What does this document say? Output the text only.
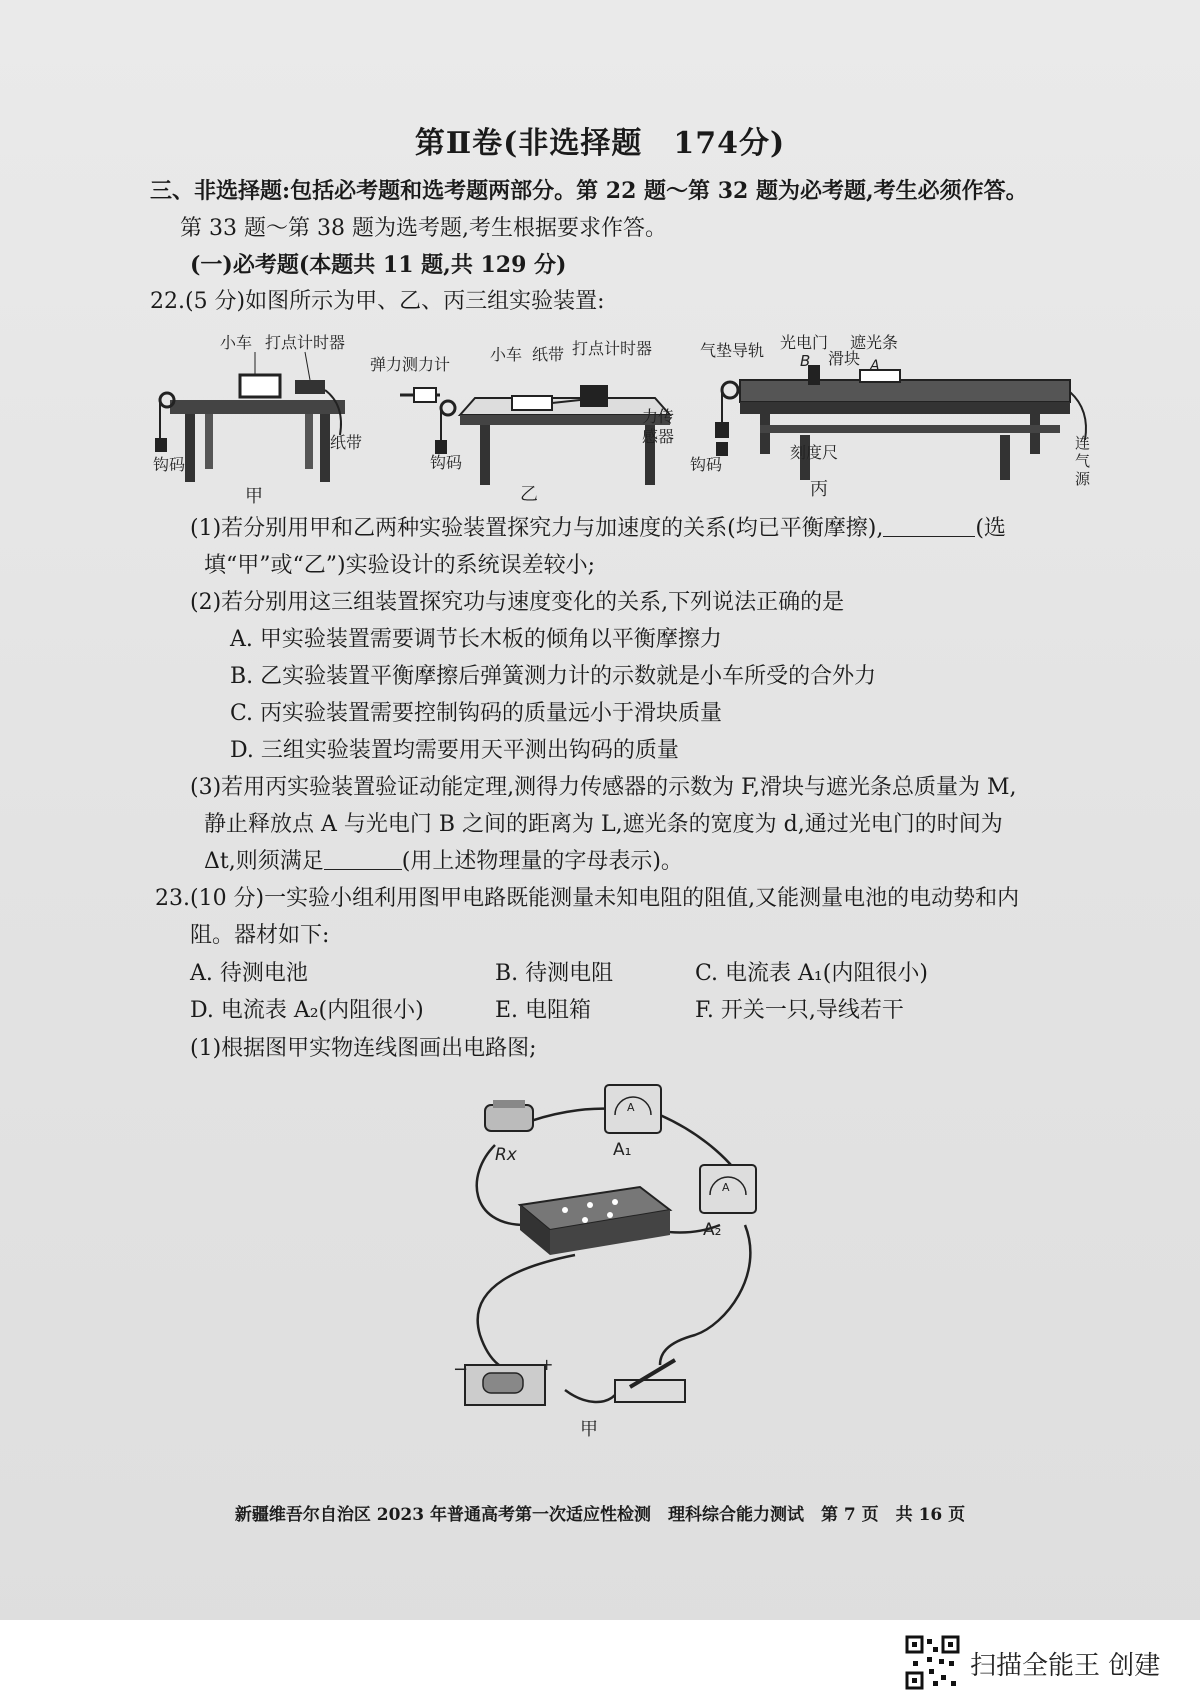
第Ⅱ卷(非选择题　174分)
三、非选择题:包括必考题和选考题两部分。第 22 题～第 32 题为必考题,考生必须作答。
第 33 题～第 38 题为选考题,考生根据要求作答。
(一)必考题(本题共 11 题,共 129 分)
22.(5 分)如图所示为甲、乙、丙三组实验装置:
小车 打点计时器
纸带
钩码
甲
弹力测力计
小车 纸带 打点计时器
钩码
乙
气垫导轨 光电门
B 滑块
遮光条
A
力传
感器
钩码
刻度尺	连
气
源
丙
(1)若分别用甲和乙两种实验装置探究力与加速度的关系(均已平衡摩擦),	(选
填“甲”或“乙”)实验设计的系统误差较小;
(2)若分别用这三组装置探究功与速度变化的关系,下列说法正确的是
A. 甲实验装置需要调节长木板的倾角以平衡摩擦力
B. 乙实验装置平衡摩擦后弹簧测力计的示数就是小车所受的合外力
C. 丙实验装置需要控制钩码的质量远小于滑块质量
D. 三组实验装置均需要用天平测出钩码的质量
(3)若用丙实验装置验证动能定理,测得力传感器的示数为 F,滑块与遮光条总质量为 M,
静止释放点 A 与光电门 B 之间的距离为 L,遮光条的宽度为 d,通过光电门的时间为
Δt,则须满足	(用上述物理量的字母表示)。
23.(10 分)一实验小组利用图甲电路既能测量未知电阻的阻值,又能测量电池的电动势和内
阻。器材如下:
A. 待测电池	B. 待测电阻	C. 电流表 A₁(内阻很小)
D. 电流表 A₂(内阻很小)	E. 电阻箱	F. 开关一只,导线若干
(1)根据图甲实物连线图画出电路图;
Rx
A
A₁
A
A₂
−	+
甲
新疆维吾尔自治区 2023 年普通高考第一次适应性检测　理科综合能力测试　第 7 页　共 16 页
扫描全能王 创建
